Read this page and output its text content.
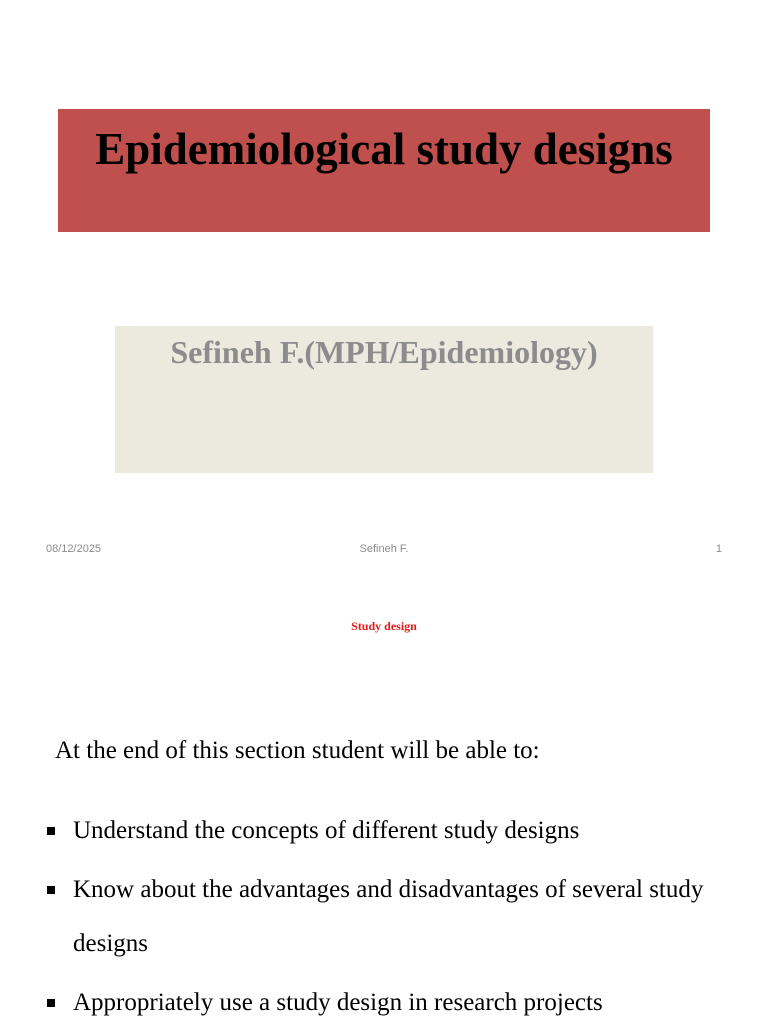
Epidemiological study designs
Sefineh F.(MPH/Epidemiology)
08/12/2025	Sefineh F.	1
Study design
At the end of this section student will be able to:
Understand the concepts of different study designs
Know about the advantages and disadvantages of several study designs
Appropriately use a study design in research projects
